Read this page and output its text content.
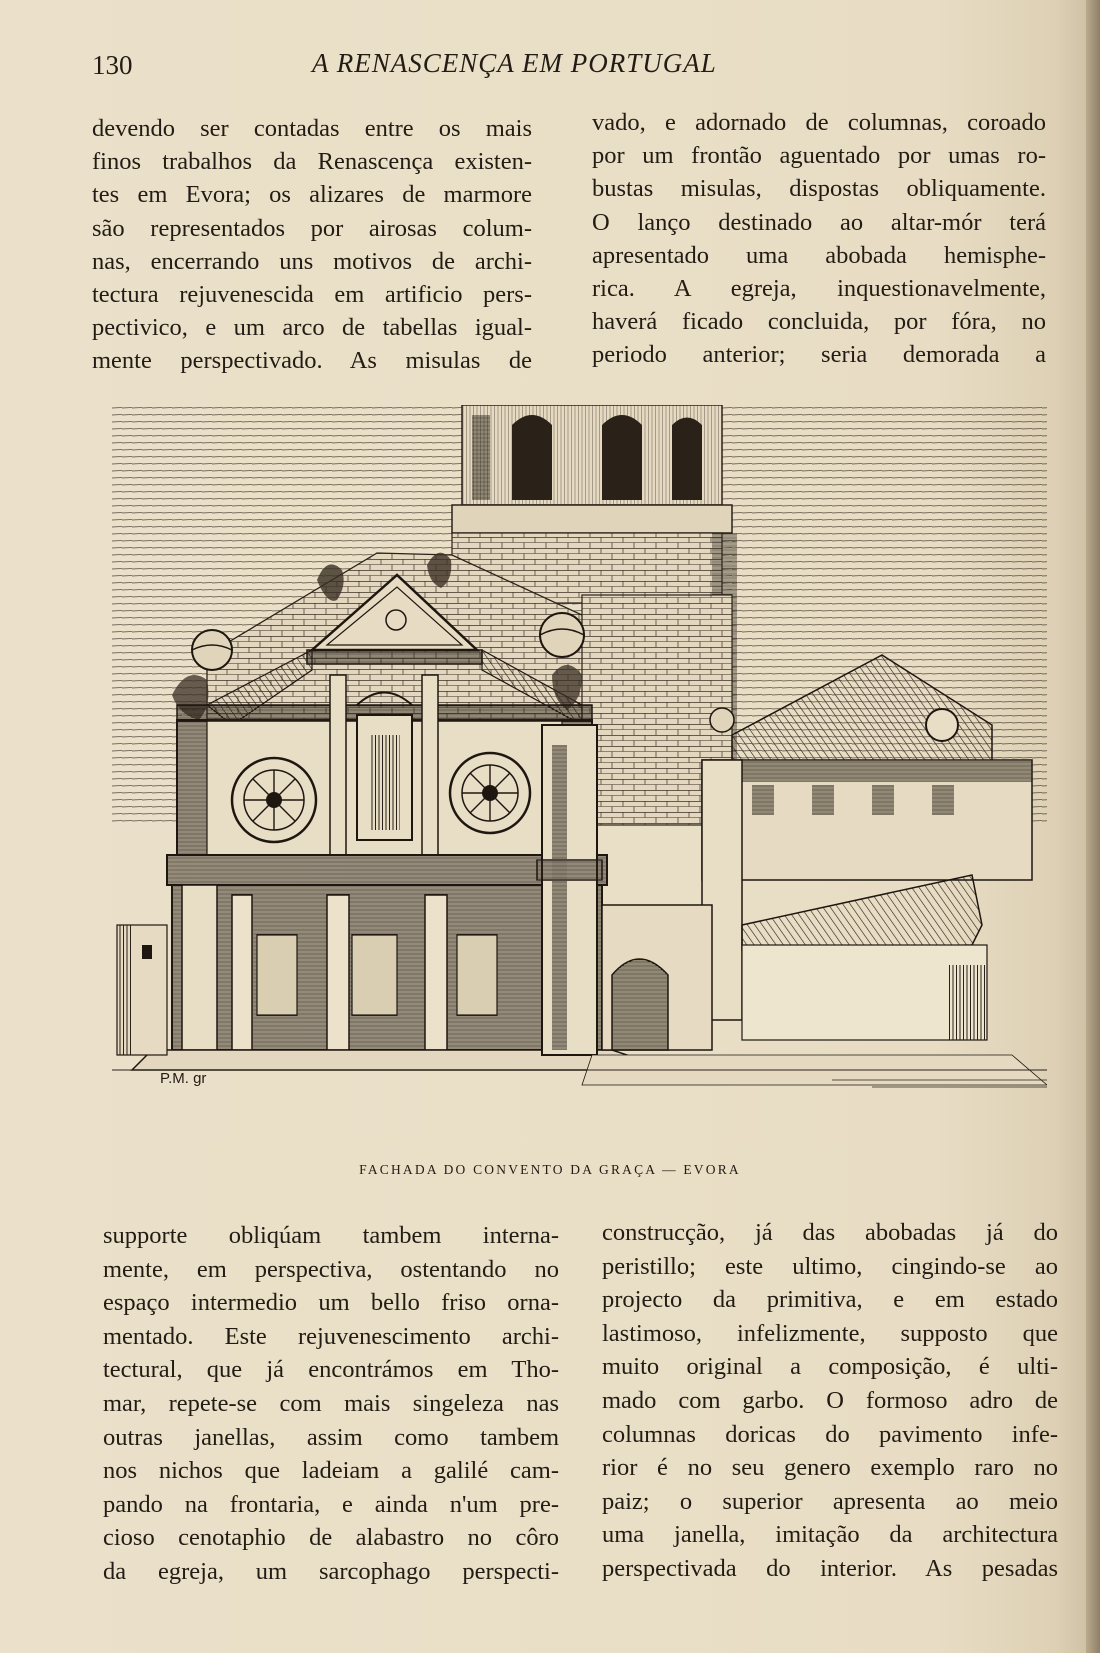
130	A RENASCENÇA EM PORTUGAL

devendo ser contadas entre os mais

finos trabalhos da Renascença existen-

tes em Evora; os alizares de marmore

são representados por airosas colum-

nas, encerrando uns motivos de archi-

tectura rejuvenescida em artificio pers-

pectivico, e um arco de tabellas igual-

mente perspectivado. As misulas de

vado, e adornado de columnas, coroado

por um frontão aguentado por umas ro-

bustas misulas, dispostas obliquamente.

O lanço destinado ao altar-mór terá

apresentado uma abobada hemisphe-

rica. A egreja, inquestionavelmente,

haverá ficado concluida, por fóra, no

periodo anterior; seria demorada a

P.M. gr
FACHADA DO CONVENTO DA GRAÇA — EVORA

supporte obliqúam tambem interna-

mente, em perspectiva, ostentando no

espaço intermedio um bello friso orna-

mentado. Este rejuvenescimento archi-

tectural, que já encontrámos em Tho-

mar, repete-se com mais singeleza nas

outras janellas, assim como tambem

nos nichos que ladeiam a galilé cam-

pando na frontaria, e ainda n'um pre-

cioso cenotaphio de alabastro no côro

da egreja, um sarcophago perspecti-

construcção, já das abobadas já do

peristillo; este ultimo, cingindo-se ao

projecto da primitiva, e em estado

lastimoso, infelizmente, supposto que

muito original a composição, é ulti-

mado com garbo. O formoso adro de

columnas doricas do pavimento infe-

rior é no seu genero exemplo raro no

paiz; o superior apresenta ao meio

uma janella, imitação da architectura

perspectivada do interior. As pesadas
